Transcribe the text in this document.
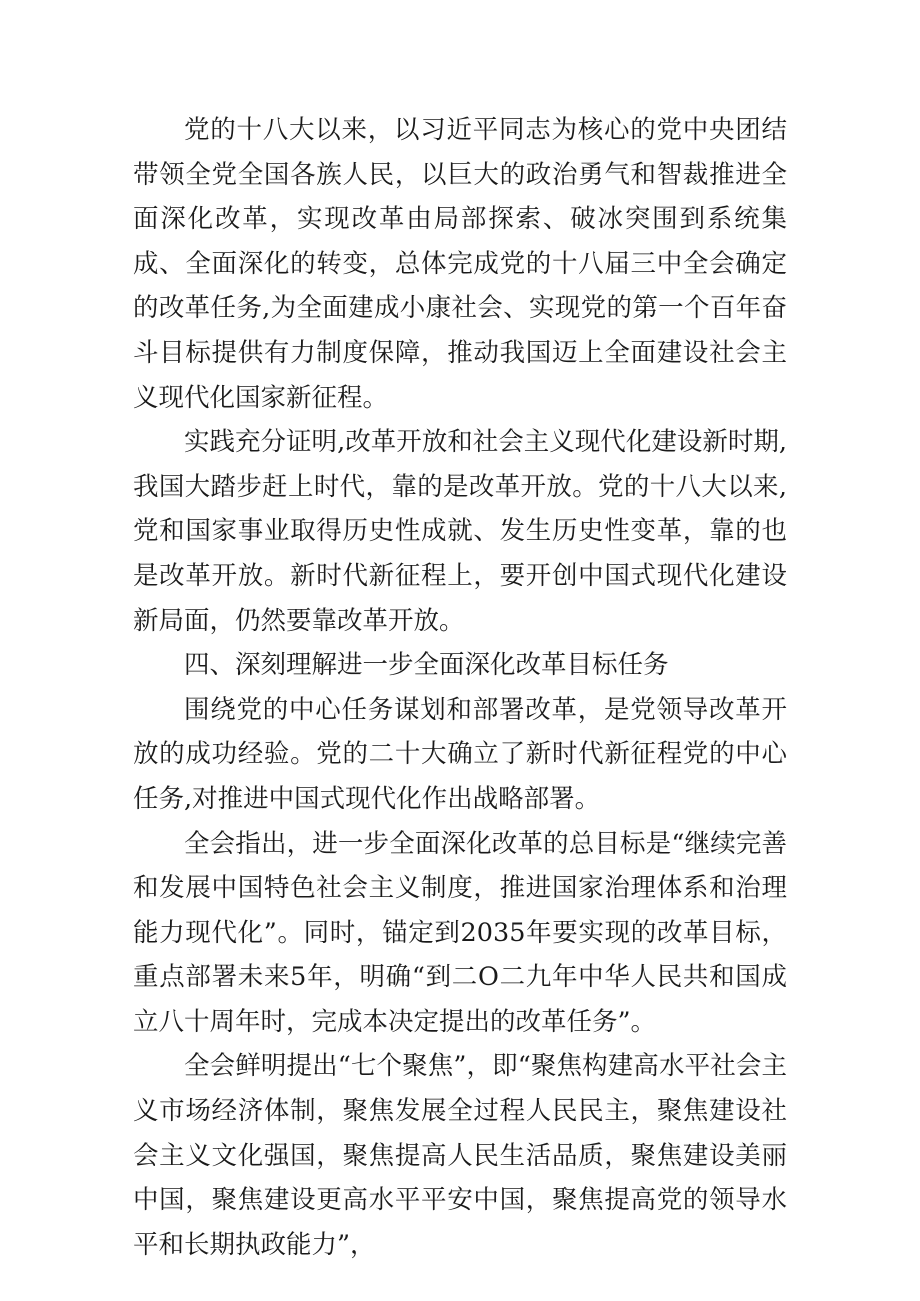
党的十八大以来，以习近平同志为核心的党中央团结带领全党全国各族人民，以巨大的政治勇气和智裁推进全面深化改革，实现改革由局部探索、破冰突围到系统集成、全面深化的转变，总体完成党的十八届三中全会确定的改革任务,为全面建成小康社会、实现党的第一个百年奋斗目标提供有力制度保障，推动我国迈上全面建设社会主义现代化国家新征程。

实践充分证明,改革开放和社会主义现代化建设新时期,我国大踏步赶上时代，靠的是改革开放。党的十八大以来,党和国家事业取得历史性成就、发生历史性变革，靠的也是改革开放。新时代新征程上，要开创中国式现代化建设新局面，仍然要靠改革开放。

四、深刻理解进一步全面深化改革目标任务

围绕党的中心任务谋划和部署改革，是党领导改革开放的成功经验。党的二十大确立了新时代新征程党的中心任务,对推进中国式现代化作出战略部署。

全会指出，进一步全面深化改革的总目标是“继续完善和发展中国特色社会主义制度，推进国家治理体系和治理能力现代化”。同时，锚定到2035年要实现的改革目标，重点部署未来5年，明确“到二O二九年中华人民共和国成立八十周年时，完成本决定提出的改革任务”。

全会鲜明提出“七个聚焦”，即“聚焦构建高水平社会主义市场经济体制，聚焦发展全过程人民民主，聚焦建设社会主义文化强国，聚焦提高人民生活品质，聚焦建设美丽中国，聚焦建设更高水平平安中国，聚焦提高党的领导水平和长期执政能力”，
